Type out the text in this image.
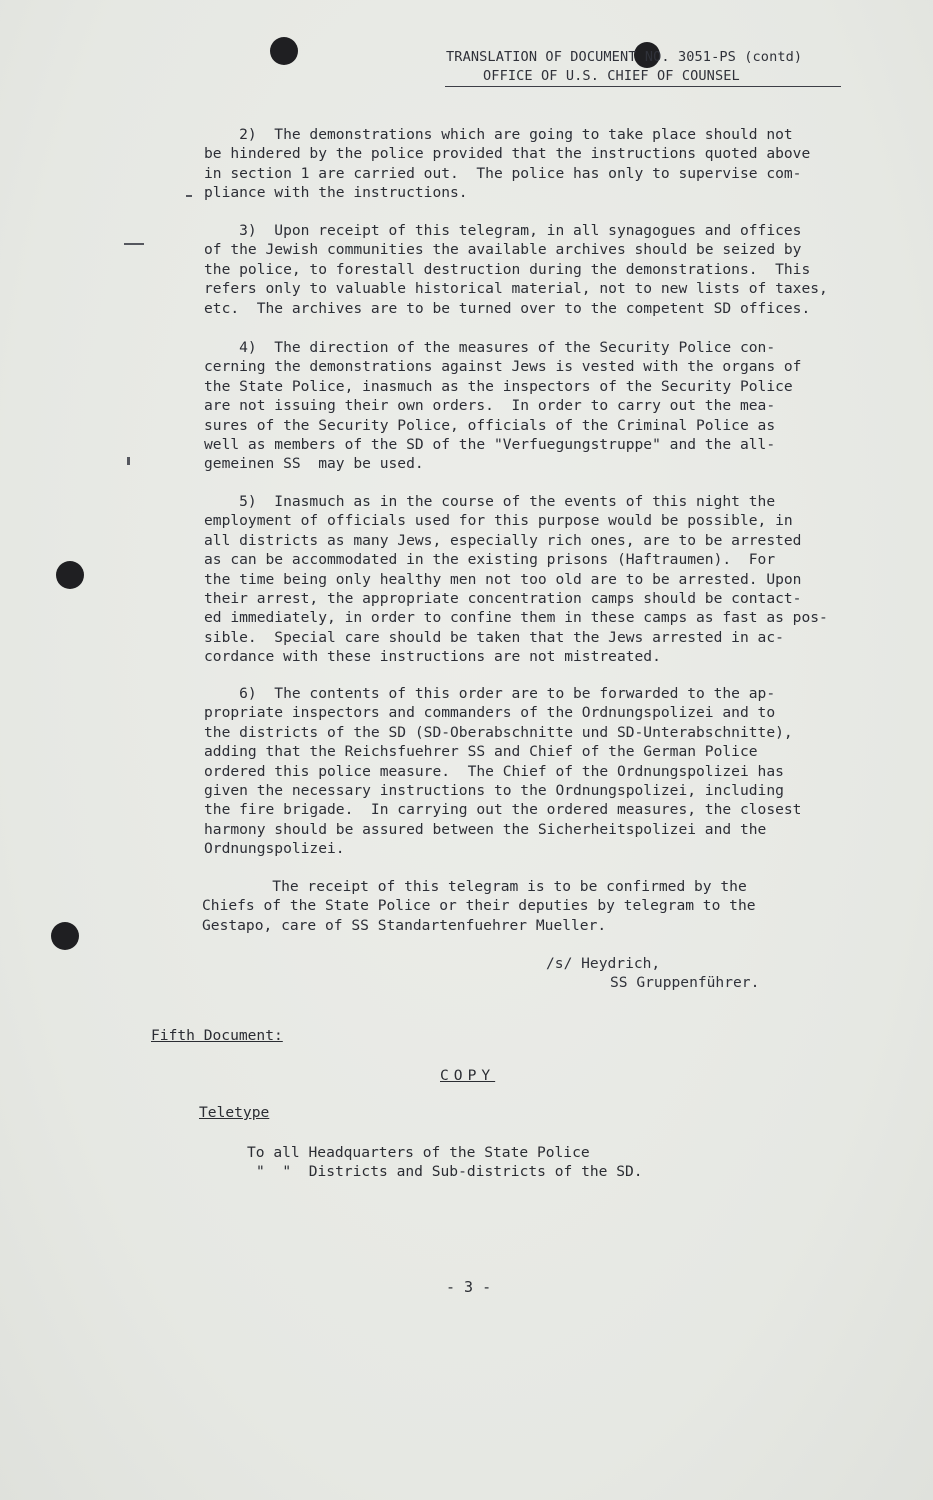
TRANSLATION OF DOCUMENT NO. 3051-PS (contd)
OFFICE OF U.S. CHIEF OF COUNSEL
2)  The demonstrations which are going to take place should not
be hindered by the police provided that the instructions quoted above
in section 1 are carried out.  The police has only to supervise com-
pliance with the instructions.
3)  Upon receipt of this telegram, in all synagogues and offices
of the Jewish communities the available archives should be seized by
the police, to forestall destruction during the demonstrations.  This
refers only to valuable historical material, not to new lists of taxes,
etc.  The archives are to be turned over to the competent SD offices.
4)  The direction of the measures of the Security Police con-
cerning the demonstrations against Jews is vested with the organs of
the State Police, inasmuch as the inspectors of the Security Police
are not issuing their own orders.  In order to carry out the mea-
sures of the Security Police, officials of the Criminal Police as
well as members of the SD of the "Verfuegungstruppe" and the all-
gemeinen SS  may be used.
5)  Inasmuch as in the course of the events of this night the
employment of officials used for this purpose would be possible, in
all districts as many Jews, especially rich ones, are to be arrested
as can be accommodated in the existing prisons (Haftraumen).  For
the time being only healthy men not too old are to be arrested. Upon
their arrest, the appropriate concentration camps should be contact-
ed immediately, in order to confine them in these camps as fast as pos-
sible.  Special care should be taken that the Jews arrested in ac-
cordance with these instructions are not mistreated.
6)  The contents of this order are to be forwarded to the ap-
propriate inspectors and commanders of the Ordnungspolizei and to
the districts of the SD (SD-Oberabschnitte und SD-Unterabschnitte),
adding that the Reichsfuehrer SS and Chief of the German Police
ordered this police measure.  The Chief of the Ordnungspolizei has
given the necessary instructions to the Ordnungspolizei, including
the fire brigade.  In carrying out the ordered measures, the closest
harmony should be assured between the Sicherheitspolizei and the
Ordnungspolizei.
The receipt of this telegram is to be confirmed by the
Chiefs of the State Police or their deputies by telegram to the
Gestapo, care of SS Standartenfuehrer Mueller.
/s/ Heydrich,
SS Gruppenführer.
Fifth Document:
COPY
Teletype
To all Headquarters of the State Police
"  "  Districts and Sub-districts of the SD.
- 3 -
